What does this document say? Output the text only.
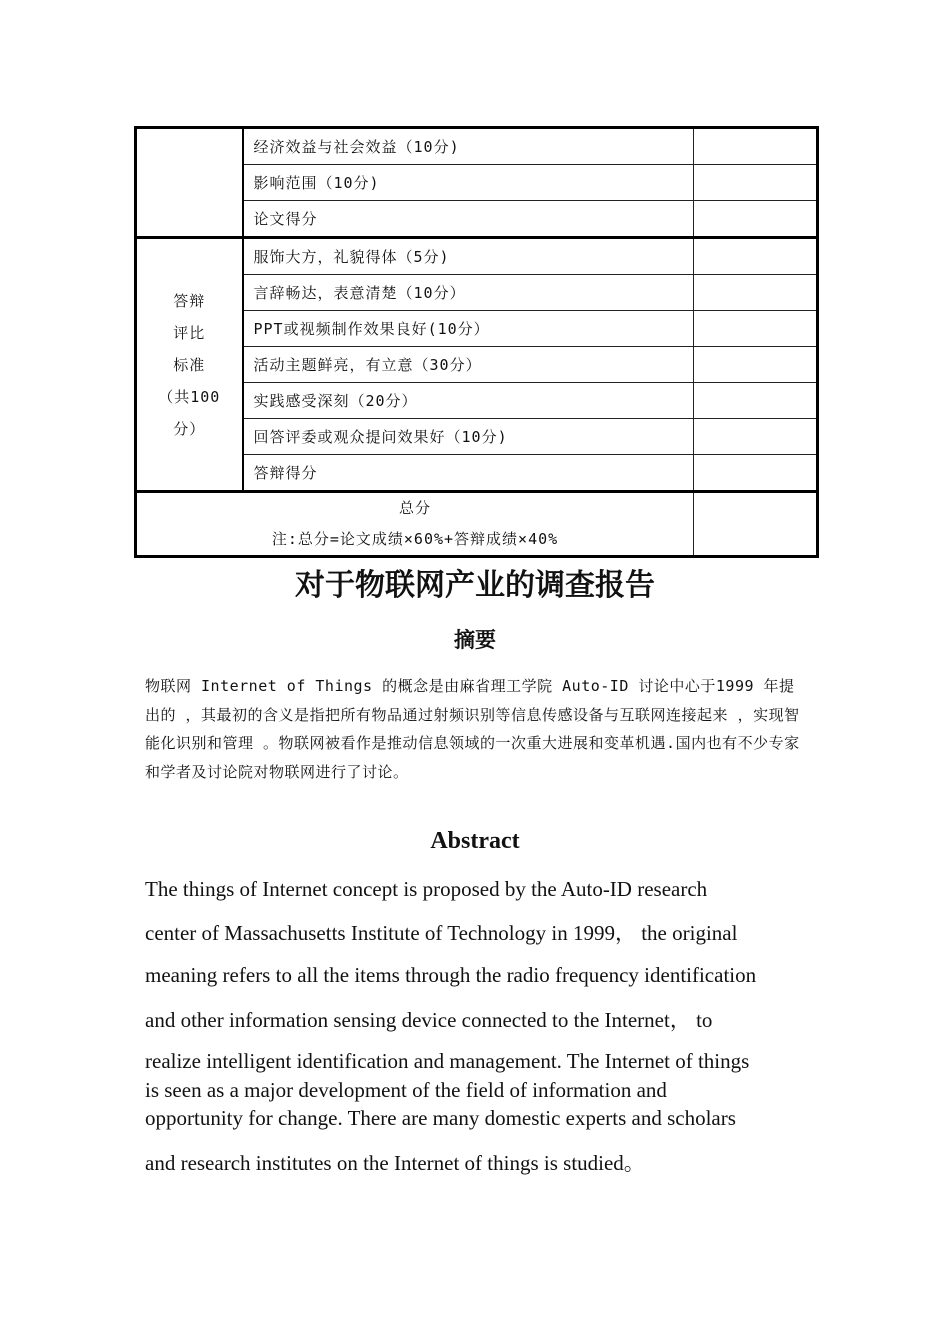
	经济效益与社会效益（10分)	
	影响范围（10分)	
	论文得分	

答辩
评比
标准
（共100
分）	服饰大方，礼貌得体（5分)	
	言辞畅达，表意清楚（10分）	
	PPT或视频制作效果良好(10分）	
	活动主题鲜亮，有立意（30分）	
	实践感受深刻（20分）	
	回答评委或观众提问效果好（10分)	
	答辩得分	

总分
注:总分=论文成绩×60%+答辩成绩×40%		

对于物联网产业的调查报告
摘要

物联网 Internet of Things 的概念是由麻省理工学院 Auto-ID 讨论中心于1999 年提出的 ，其最初的含义是指把所有物品通过射频识别等信息传感设备与互联网连接起来 ，实现智能化识别和管理 。物联网被看作是推动信息领域的一次重大进展和变革机遇.国内也有不少专家和学者及讨论院对物联网进行了讨论。

Abstract

The things of Internet concept is proposed by the Auto-ID research

center of Massachusetts Institute of Technology in 1999， the original

meaning refers to all the items through the radio frequency identification

and other information sensing device connected to the Internet， to

realize intelligent identification and management. The Internet of things

is seen as a major development of the field of information and

opportunity for change. There are many domestic experts and scholars

and research institutes on the Internet of things is studied。
